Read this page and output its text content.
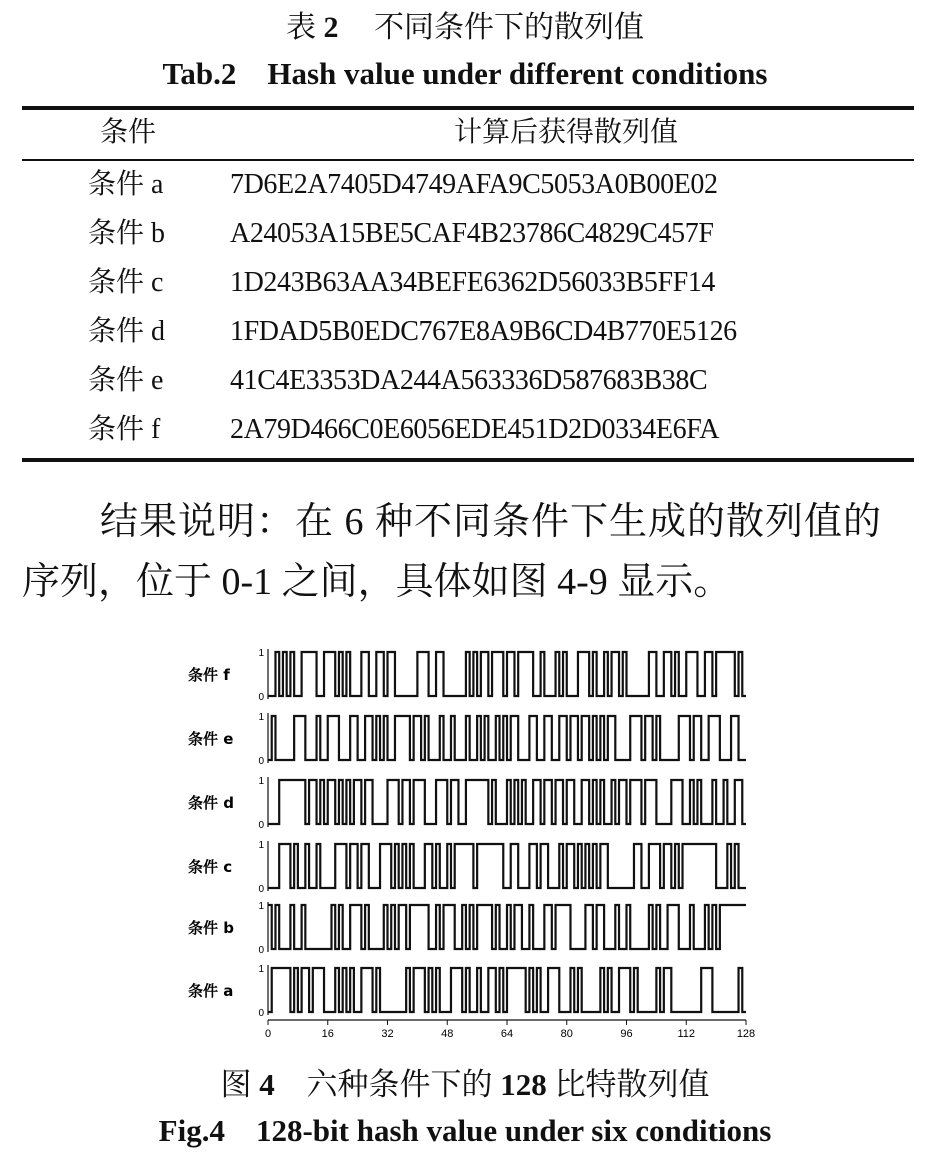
表 2 不同条件下的散列值
Tab.2    Hash value under different conditions
条件	计算后获得散列值
条件 a 7D6E2A7405D4749AFA9C5053A0B00E02
条件 b A24053A15BE5CAF4B23786C4829C457F
条件 c 1D243B63AA34BEFE6362D56033B5FF14
条件 d 1FDAD5B0EDC767E8A9B6CD4B770E5126
条件 e 41C4E3353DA244A563336D587683B38C
条件 f 2A79D466C0E6056EDE451D2D0334E6FA
结果说明：在 6 种不同条件下生成的散列值的
序列，位于 0-1 之间，具体如图 4-9 显示。
1
0
条件 f
1
0
条件 e
1
0
条件 d
1
0
条件 c
1
0
条件 b
1
0
条件 a
0	16	32	48	64	80	96	112	128
图 4 六种条件下的 128 比特散列值
Fig.4    128-bit hash value under six conditions
